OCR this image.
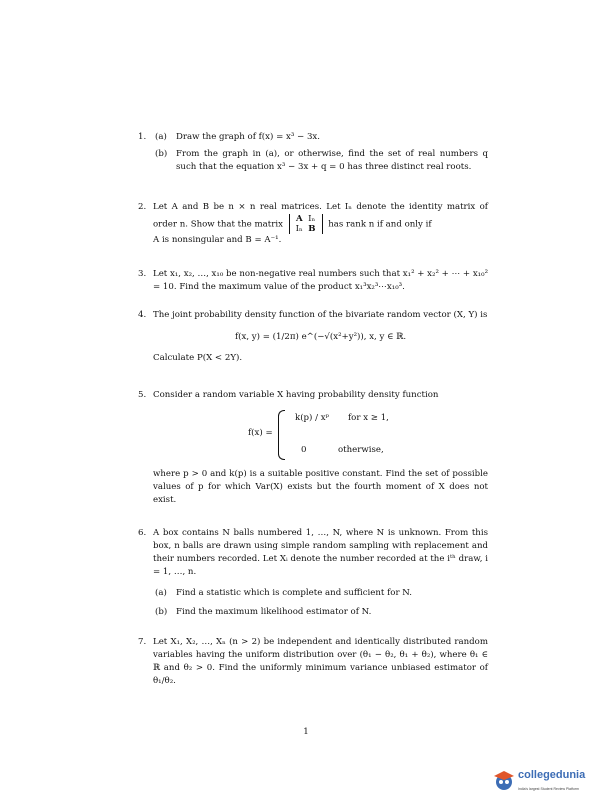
1. (a) Draw the graph of f(x) = x³ − 3x.
(b) From the graph in (a), or otherwise, find the set of real numbers q such that the equation x³ − 3x + q = 0 has three distinct real roots.
2. Let A and B be n × n real matrices. Let Iₙ denote the identity matrix of order n. Show that the matrix A Iₙ
Iₙ B has rank n if and only if
A is nonsingular and B = A⁻¹.
3. Let x₁, x₂, …, x₁₀ be non-negative real numbers such that x₁² + x₂² + ⋯ + x₁₀² = 10. Find the maximum value of the product x₁³x₂³⋯x₁₀³.
4. The joint probability density function of the bivariate random vector (X, Y) is
f(x, y) = (1/2π) e^(−√(x²+y²)), x, y ∈ ℝ.
Calculate P(X < 2Y).
5. Consider a random variable X having probability density function
f(x) =
k(p) / xᵖ for x ≥ 1,
0	otherwise,
where p > 0 and k(p) is a suitable positive constant. Find the set of possible values of p for which Var(X) exists but the fourth moment of X does not exist.
6. A box contains N balls numbered 1, …, N, where N is unknown. From this box, n balls are drawn using simple random sampling with replacement and their numbers recorded. Let Xᵢ denote the number recorded at the iᵗʰ draw, i = 1, …, n.
(a) Find a statistic which is complete and sufficient for N.
(b) Find the maximum likelihood estimator of N.
7. Let X₁, X₂, …, Xₙ (n > 2) be independent and identically distributed random variables having the uniform distribution over (θ₁ − θ₂, θ₁ + θ₂), where θ₁ ∈ ℝ and θ₂ > 0. Find the uniformly minimum variance unbiased estimator of θ₁/θ₂.
1
collegedunia
India's largest Student Review Platform
